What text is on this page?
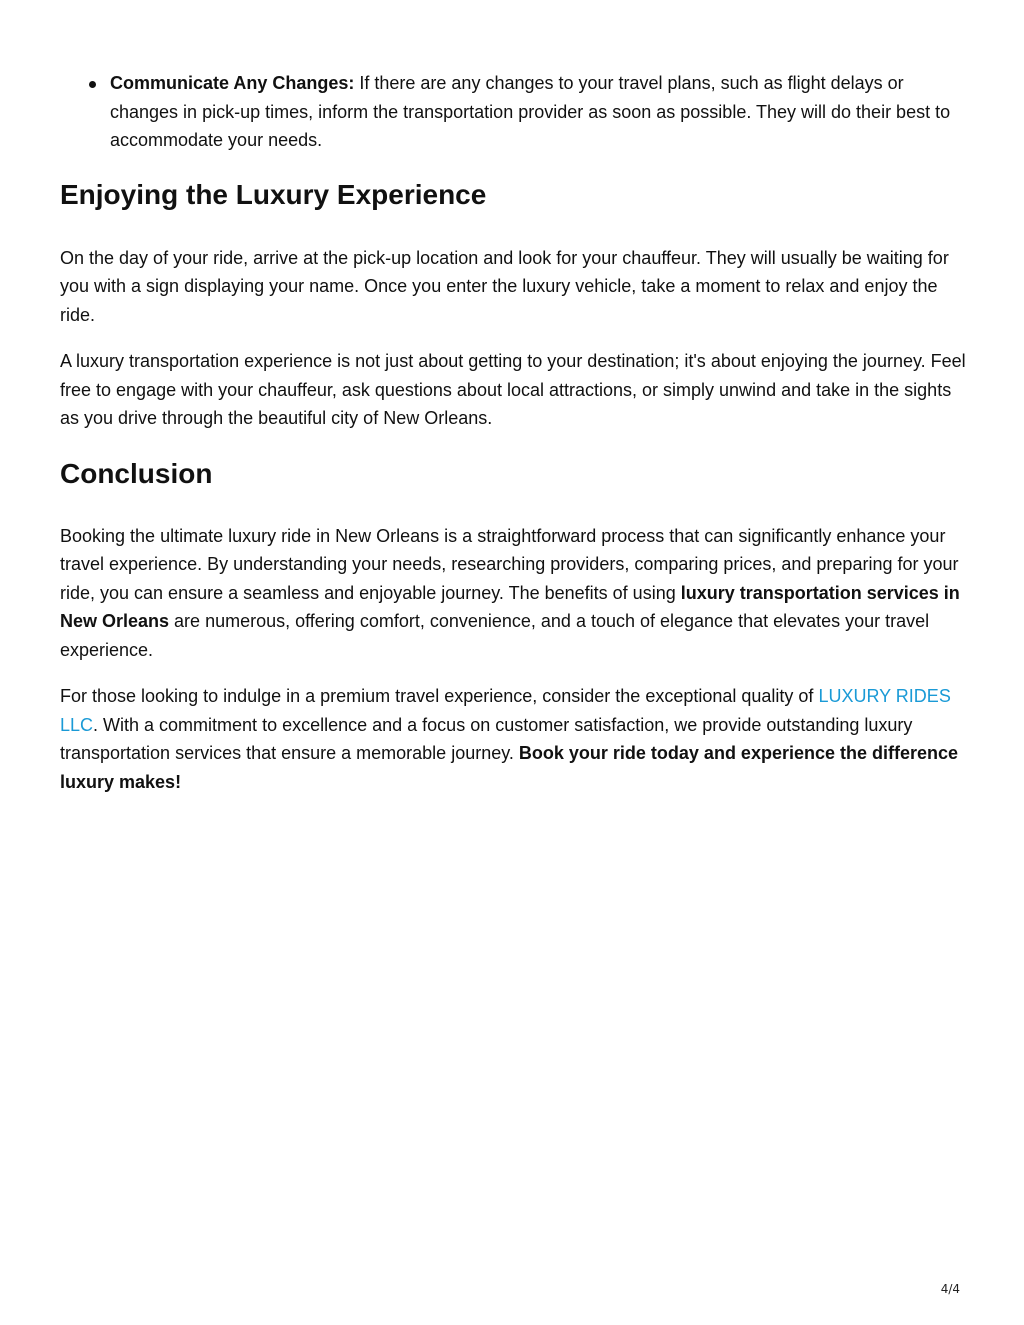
Communicate Any Changes: If there are any changes to your travel plans, such as flight delays or changes in pick-up times, inform the transportation provider as soon as possible. They will do their best to accommodate your needs.
Enjoying the Luxury Experience

On the day of your ride, arrive at the pick-up location and look for your chauffeur. They will usually be waiting for you with a sign displaying your name. Once you enter the luxury vehicle, take a moment to relax and enjoy the ride.

A luxury transportation experience is not just about getting to your destination; it's about enjoying the journey. Feel free to engage with your chauffeur, ask questions about local attractions, or simply unwind and take in the sights as you drive through the beautiful city of New Orleans.

Conclusion

Booking the ultimate luxury ride in New Orleans is a straightforward process that can significantly enhance your travel experience. By understanding your needs, researching providers, comparing prices, and preparing for your ride, you can ensure a seamless and enjoyable journey. The benefits of using luxury transportation services in New Orleans are numerous, offering comfort, convenience, and a touch of elegance that elevates your travel experience.

For those looking to indulge in a premium travel experience, consider the exceptional quality of LUXURY RIDES LLC. With a commitment to excellence and a focus on customer satisfaction, we provide outstanding luxury transportation services that ensure a memorable journey. Book your ride today and experience the difference luxury makes!

4/4
